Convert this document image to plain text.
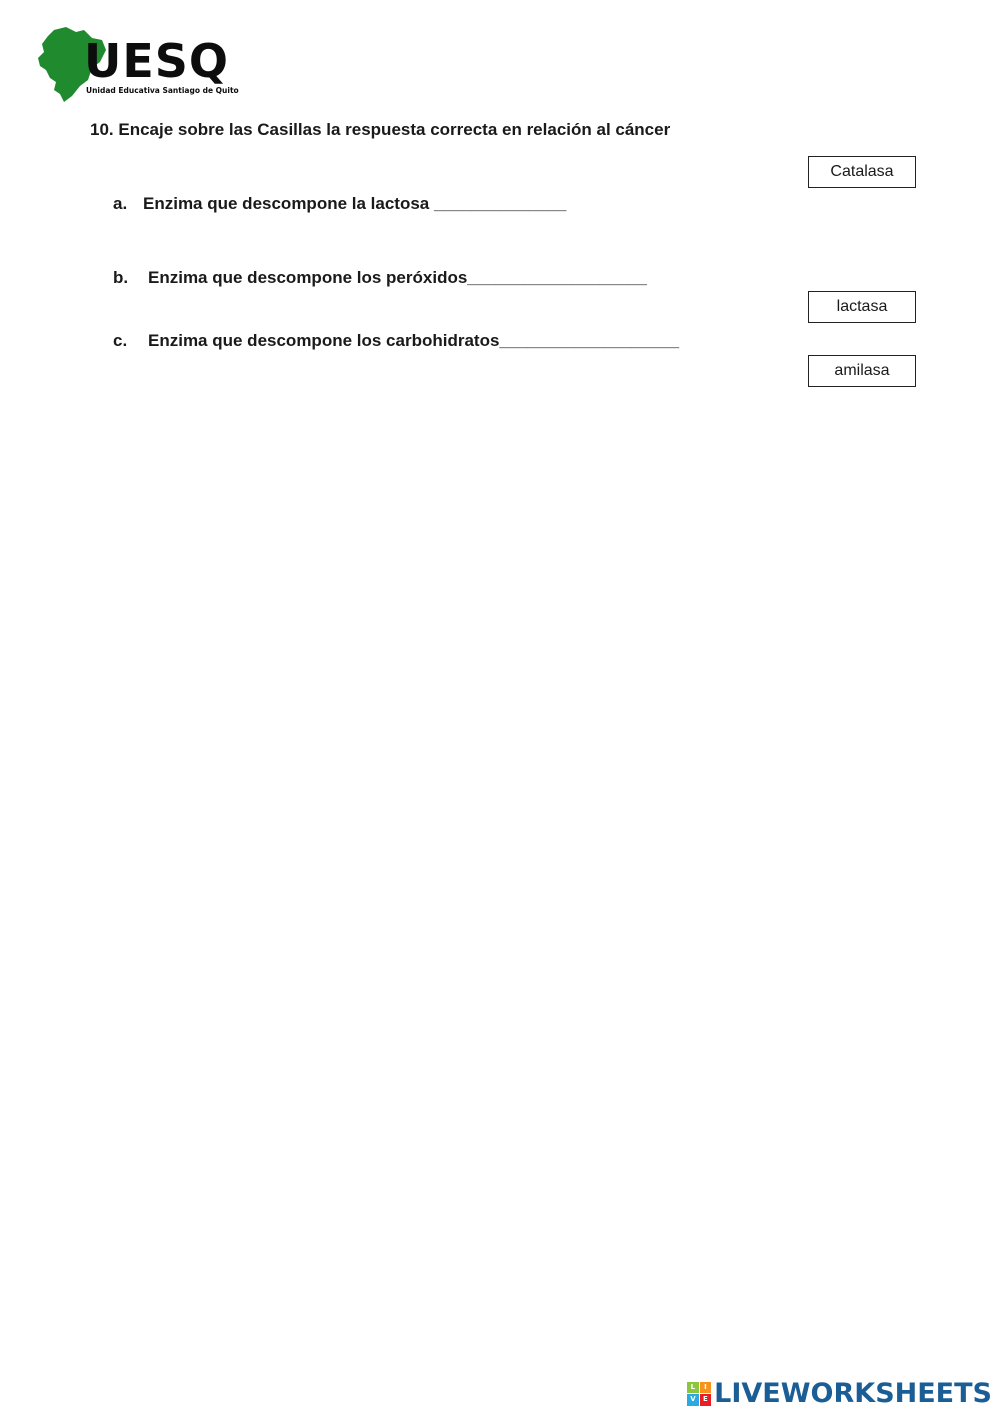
UESQ
Unidad Educativa Santiago de Quito
10. Encaje sobre las Casillas la respuesta correcta en relación al cáncer
a. Enzima que descompone la lactosa ______________
b. Enzima que descompone los peróxidos___________________
c. Enzima que descompone los carbohidratos___________________
Catalasa
lactasa
amilasa
L	I
V	E LIVEWORKSHEETS
